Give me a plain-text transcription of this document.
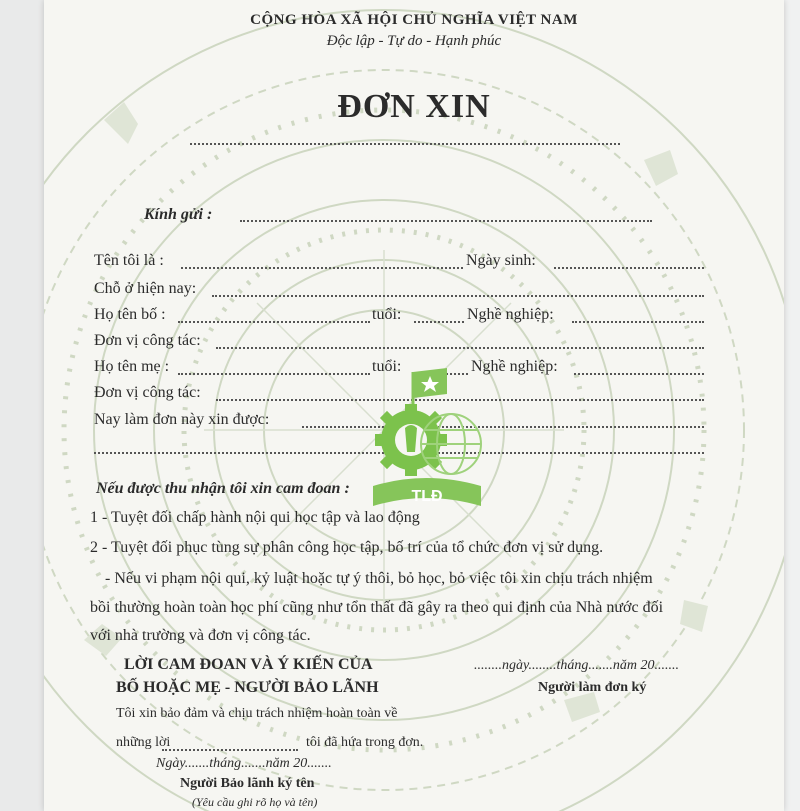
CỘNG HÒA XÃ HỘI CHỦ NGHĨA VIỆT NAM
Độc lập - Tự do - Hạnh phúc
ĐƠN XIN
Kính gửi :
Tên tôi là :	Ngày sinh:
Chỗ ở hiện nay:
Họ tên bố :	tuổi:	Nghề nghiệp:
Đơn vị công tác:
Họ tên mẹ :	tuổi:	Nghề nghiệp:
Đơn vị công tác:
Nay làm đơn này xin được:
TLĐ
Nếu được thu nhận tôi xin cam đoan :
1 - Tuyệt đối chấp hành nội qui học tập và lao động
2 - Tuyệt đối phục tùng sự phân công học tập, bố trí của tổ chức đơn vị sử dụng.
- Nếu vi phạm nội qui, kỷ luật hoặc tự ý thôi, bỏ học, bỏ việc tôi xin chịu trách nhiệm
bồi thường hoàn toàn học phí cũng như tổn thất đã gây ra theo qui định của Nhà nước đối
với nhà trường và đơn vị công tác.
LỜI CAM ĐOAN VÀ Ý KIẾN CỦA
BỐ HOẶC MẸ - NGƯỜI BẢO LÃNH
Tôi xin bảo đảm và chịu trách nhiệm hoàn toàn về
những lời	tôi đã hứa trong đơn.
Ngày.......tháng.......năm 20.......
Người Bảo lãnh ký tên
(Yêu cầu ghi rõ họ và tên)
........ngày........tháng.......năm 20.......
Người làm đơn ký
